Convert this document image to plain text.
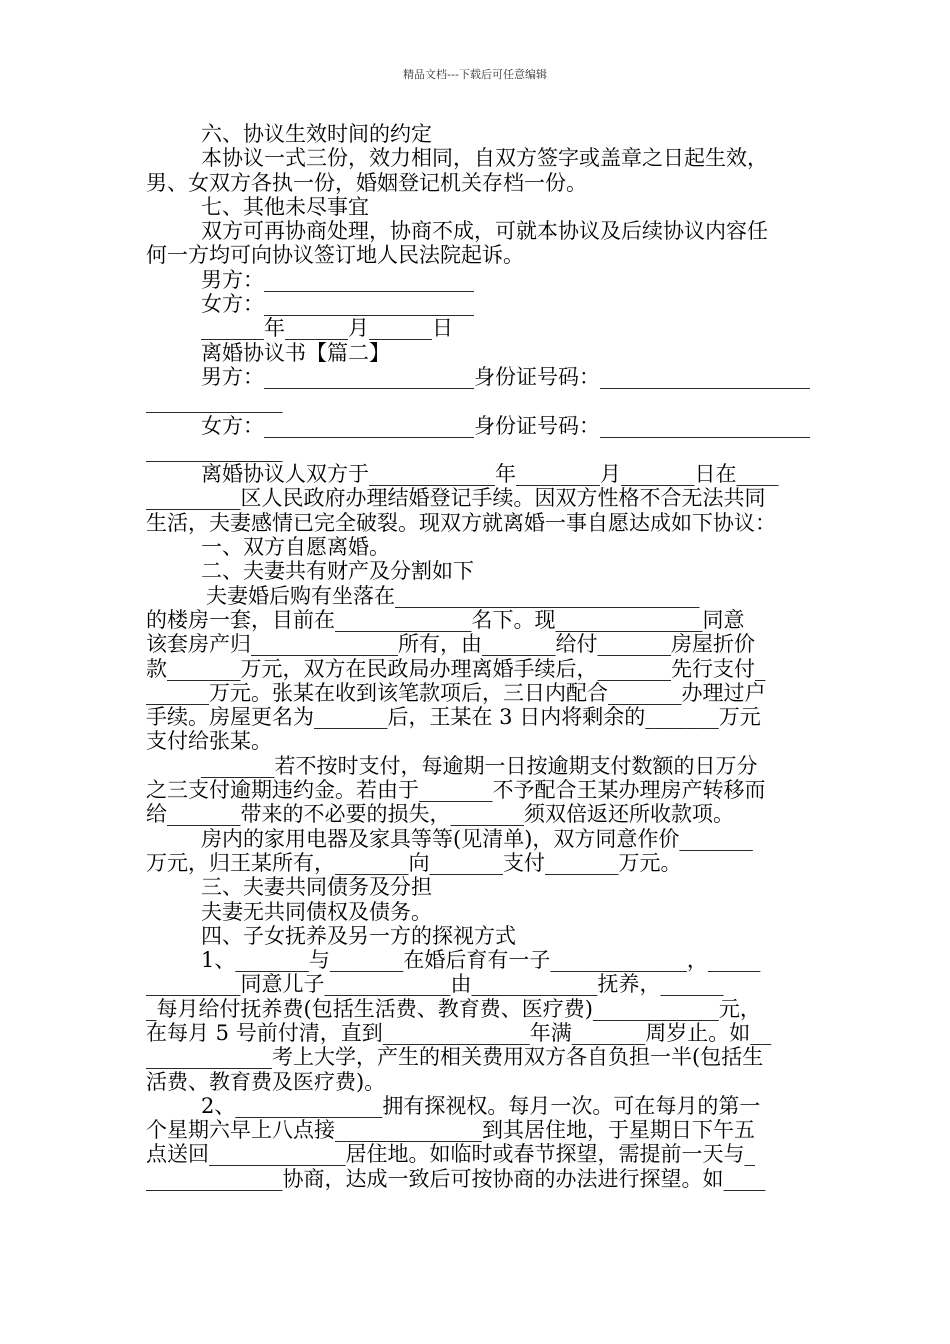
精品文档---下载后可任意编辑
六、协议生效时间的约定
本协议一式三份，效力相同，自双方签字或盖章之日起生效，
男、女双方各执一份，婚姻登记机关存档一份。
七、其他未尽事宜
双方可再协商处理，协商不成，可就本协议及后续协议内容任
何一方均可向协议签订地人民法院起诉。
男方：____________________
女方：____________________
______年______月______日
离婚协议书【篇二】
男方：____________________身份证号码：____________________
_____________
女方：____________________身份证号码：____________________
_____________
离婚协议人双方于____________年________月_______日在____
_________区人民政府办理结婚登记手续。因双方性格不合无法共同
生活，夫妻感情已完全破裂。现双方就离婚一事自愿达成如下协议：
一、双方自愿离婚。
二、夫妻共有财产及分割如下
夫妻婚后购有坐落在_____________________________
的楼房一套，目前在_____________名下。现______________同意
该套房产归______________所有，由_______给付_______房屋折价
款_______万元，双方在民政局办理离婚手续后，_______先行支付_
______万元。张某在收到该笔款项后，三日内配合_______办理过户
手续。房屋更名为_______后，王某在 3 日内将剩余的_______万元
支付给张某。
_______若不按时支付，每逾期一日按逾期支付数额的日万分
之三支付逾期违约金。若由于_______不予配合王某办理房产转移而
给_______带来的不必要的损失，_______须双倍返还所收款项。
房内的家用电器及家具等等(见清单)，双方同意作价_______
万元，归王某所有，_______向_______支付_______万元。
三、夫妻共同债务及分担
夫妻无共同债权及债务。
四、子女抚养及另一方的探视方式
1、_______与_______在婚后育有一子_____________，_____
_________同意儿子____________由____________抚养，______
_每月给付抚养费(包括生活费、教育费、医疗费)____________元，
在每月 5 号前付清，直到______________年满_______周岁止。如__
____________考上大学，产生的相关费用双方各自负担一半(包括生
活费、教育费及医疗费)。
2、______________拥有探视权。每月一次。可在每月的第一
个星期六早上八点接______________到其居住地，于星期日下午五
点送回_____________居住地。如临时或春节探望，需提前一天与_
_____________协商，达成一致后可按协商的办法进行探望。如____
